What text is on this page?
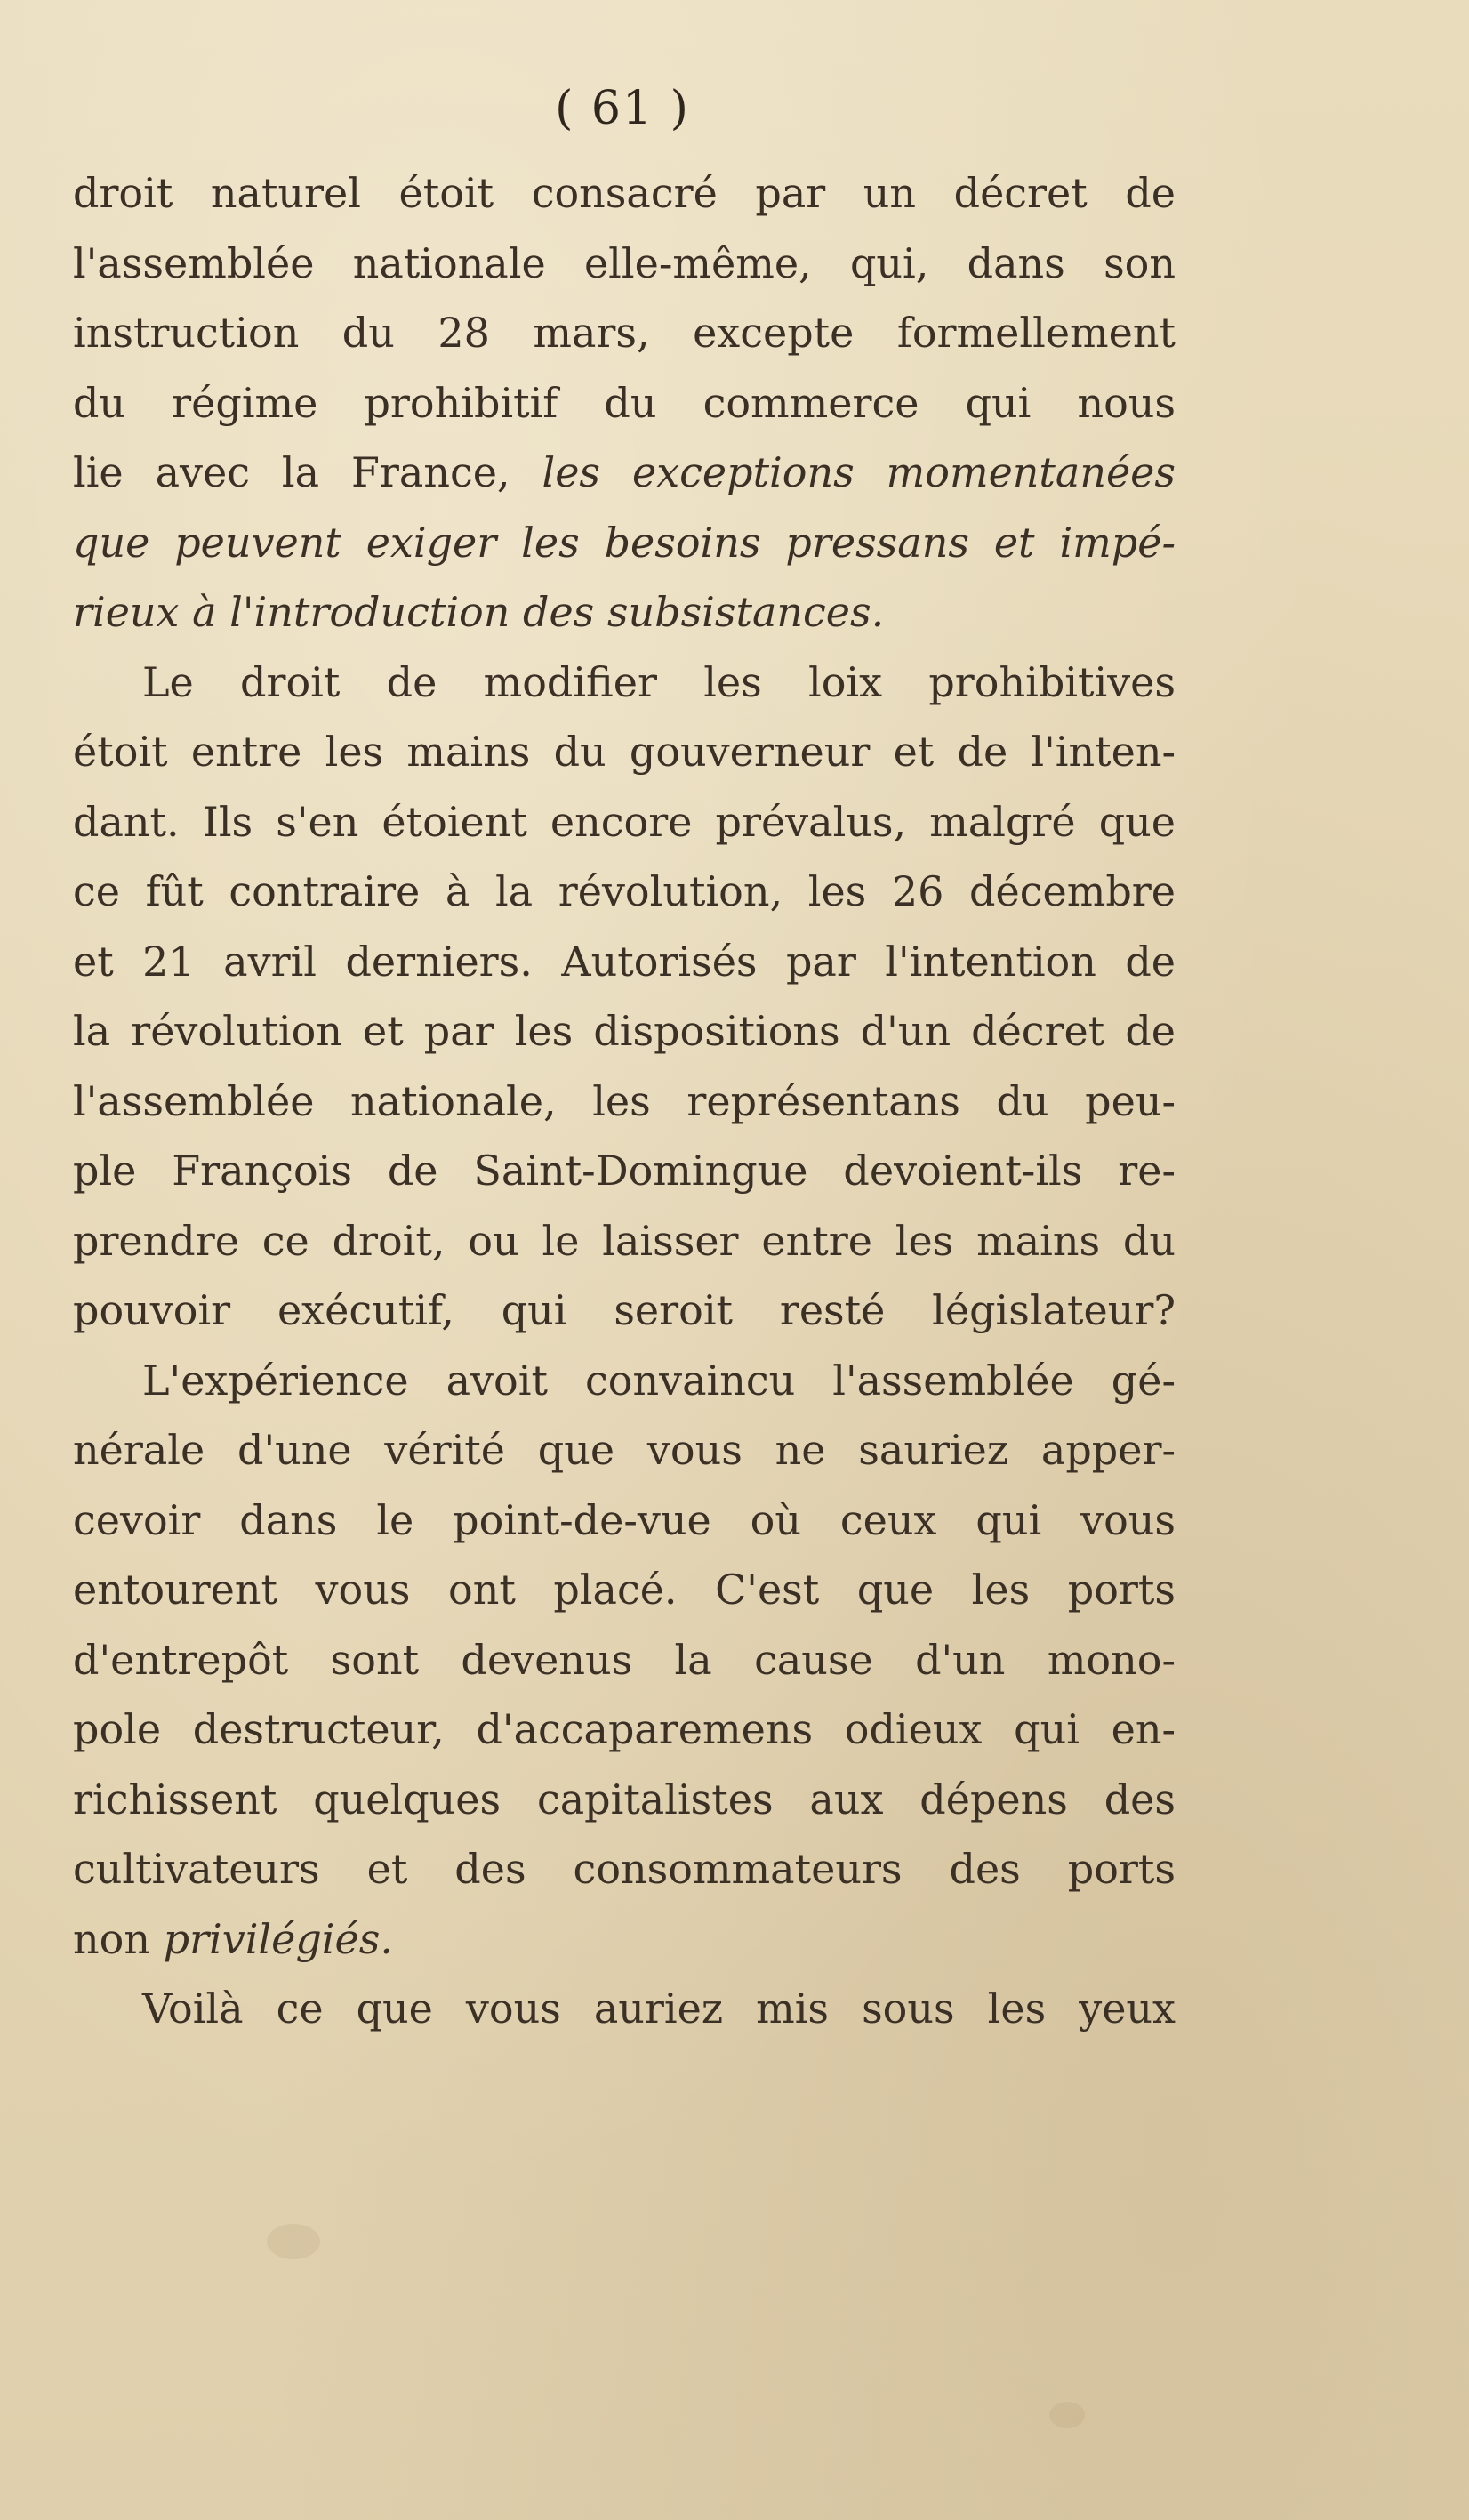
( 61 )
droit naturel étoit consacré par un décret de
l'assemblée nationale elle-même, qui, dans son
instruction du 28 mars, excepte formellement
du régime prohibitif du commerce qui nous
lie avec la France, les exceptions momentanées
que peuvent exiger les besoins pressans et impé-
rieux à l'introduction des subsistances.
Le droit de modifier les loix prohibitives
étoit entre les mains du gouverneur et de l'inten-
dant. Ils s'en étoient encore prévalus, malgré que
ce fût contraire à la révolution, les 26 décembre
et 21 avril derniers. Autorisés par l'intention de
la révolution et par les dispositions d'un décret de
l'assemblée nationale, les représentans du peu-
ple François de Saint-Domingue devoient-ils re-
prendre ce droit, ou le laisser entre les mains du
pouvoir exécutif, qui seroit resté législateur?
L'expérience avoit convaincu l'assemblée gé-
nérale d'une vérité que vous ne sauriez apper-
cevoir dans le point-de-vue où ceux qui vous
entourent vous ont placé. C'est que les ports
d'entrepôt sont devenus la cause d'un mono-
pole destructeur, d'accaparemens odieux qui en-
richissent quelques capitalistes aux dépens des
cultivateurs et des consommateurs des ports
non privilégiés.
Voilà ce que vous auriez mis sous les yeux
